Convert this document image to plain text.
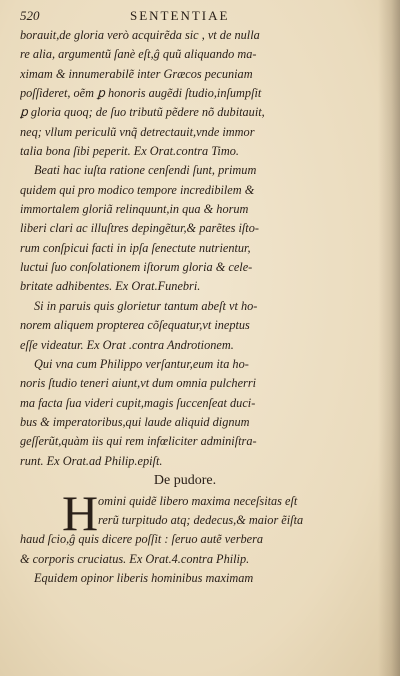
520	SENTENTIAE
borauit,de gloria verò acquirẽda sic , vt de nulla
re alia, argumentũ ſanè eſt,ĝ quũ aliquando ma-
ximam & innumerabilẽ inter Græcos pecuniam
poſſideret, oẽm ꝑ honoris augẽdi ſtudio,inſumpſit
ꝑ gloria quoq; de ſuo tributũ pẽdere nõ dubitauit,
neq; vllum periculũ vnq̃ detrectauit,vnde immor
talia bona ſibi peperit. Ex Orat.contra Timo.
Beati hac iuſta ratione cenſendi ſunt, primum
quidem qui pro modico tempore incredibilem &
immortalem gloriã relinquunt,in qua & horum
liberi clari ac illuſtres depingẽtur,& parẽtes iſto-
rum conſpicui facti in ipſa ſenectute nutrientur,
luctui ſuo conſolationem iſtorum gloria & cele-
britate adhibentes. Ex Orat.Funebri.
Si in paruis quis glorietur tantum abeſt vt ho-
norem aliquem propterea cõſequatur,vt ineptus
eſſe videatur. Ex Orat .contra Androtionem.
Qui vna cum Philippo verſantur,eum ita ho-
noris ſtudio teneri aiunt,vt dum omnia pulcherri
ma facta ſua videri cupit,magis ſuccenſeat duci-
bus & imperatoribus,qui laude aliquid dignum
geſſerũt,quàm iis qui rem infœliciter adminiſtra-
runt. Ex Orat.ad Philip.epiſt.
De pudore.
H omini quidẽ libero maxima neceſsitas eſt
rerũ turpitudo atq; dedecus,& maior ẽiſta
haud ſcio,ĝ quis dicere poſſit : ſeruo autẽ verbera
& corporis cruciatus. Ex Orat.4.contra Philip.
Equidem opinor liberis hominibus maximam
